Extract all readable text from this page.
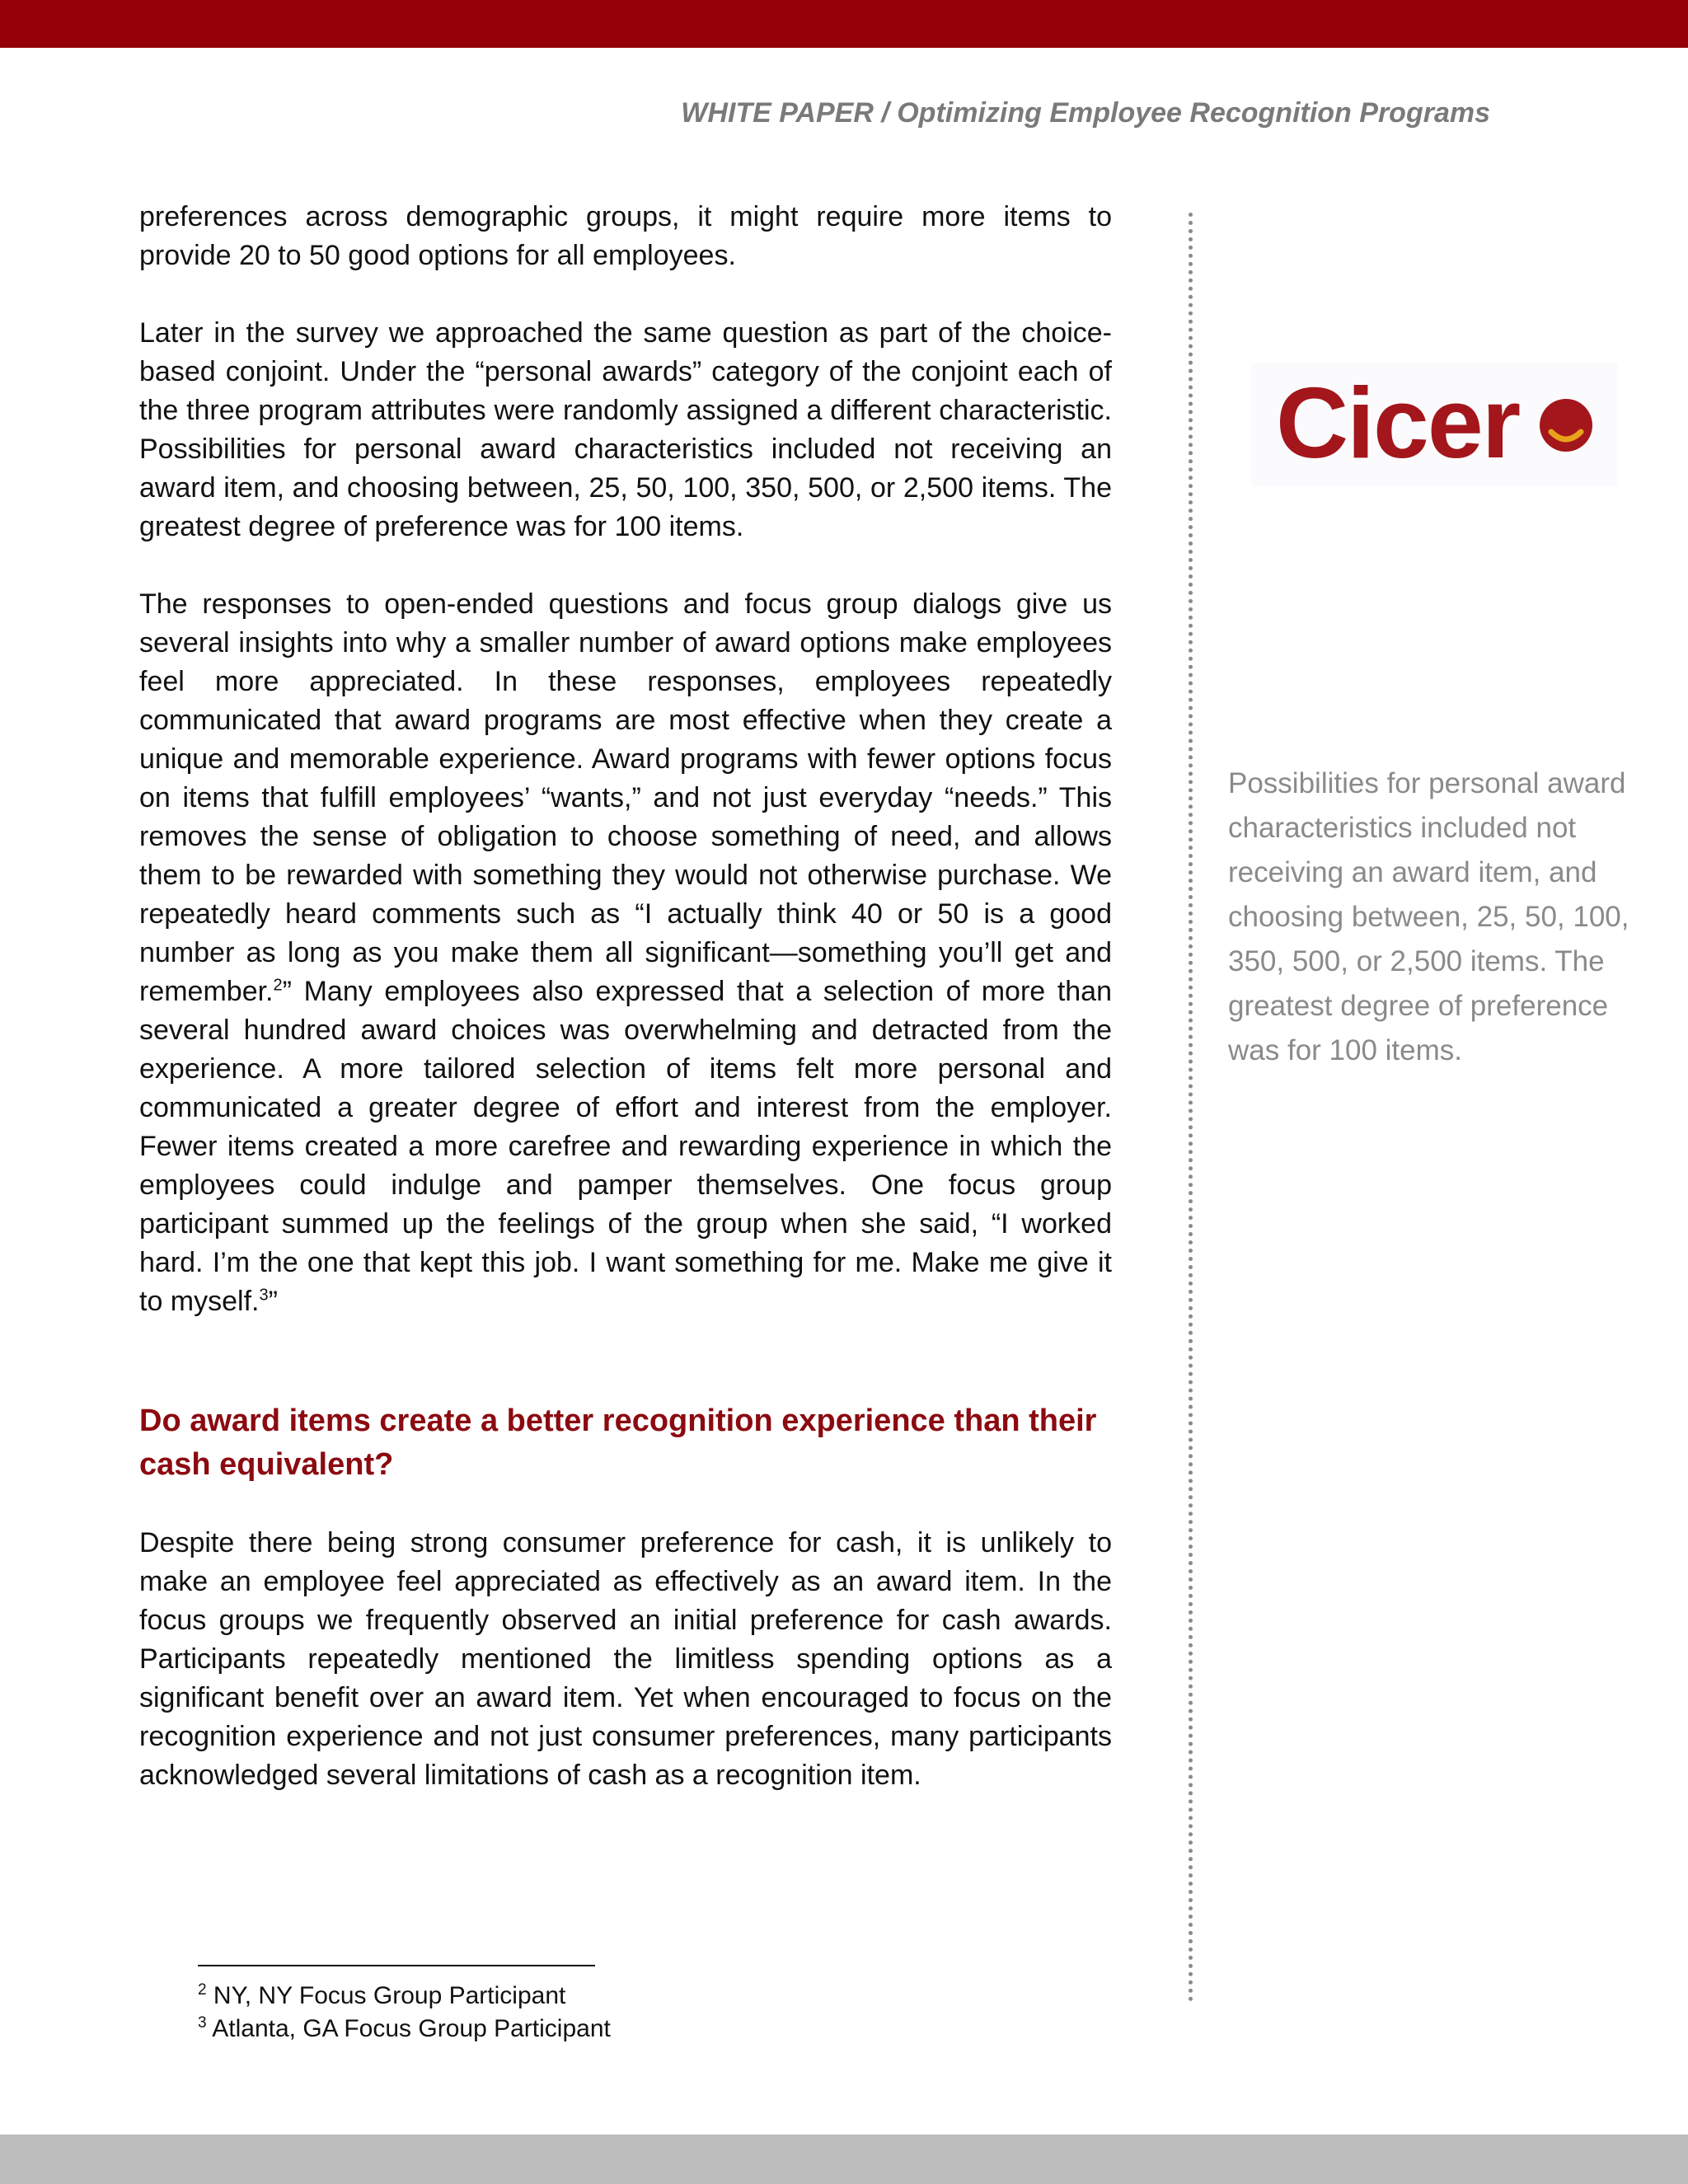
WHITE PAPER / Optimizing Employee Recognition Programs

preferences across demographic groups, it might require more items to provide 20 to 50 good options for all employees.

Later in the survey we approached the same question as part of the choice-based conjoint. Under the “personal awards” category of the conjoint each of the three program attributes were randomly assigned a different characteristic. Possibilities for personal award characteristics included not receiving an award item, and choosing between, 25, 50, 100, 350, 500, or 2,500 items. The greatest degree of preference was for 100 items.

The responses to open-ended questions and focus group dialogs give us several insights into why a smaller number of award options make employees feel more appreciated. In these responses, employees repeatedly communicated that award programs are most effective when they create a unique and memorable experience. Award programs with fewer options focus on items that fulfill employees’ “wants,” and not just everyday “needs.” This removes the sense of obligation to choose something of need, and allows them to be rewarded with something they would not otherwise purchase. We repeatedly heard comments such as “I actually think 40 or 50 is a good number as long as you make them all significant—something you’ll get and remember.$^2$” Many employees also expressed that a selection of more than several hundred award choices was overwhelming and detracted from the experience. A more tailored selection of items felt more personal and communicated a greater degree of effort and interest from the employer. Fewer items created a more carefree and rewarding experience in which the employees could indulge and pamper themselves. One focus group participant summed up the feelings of the group when she said, “I worked hard. I’m the one that kept this job. I want something for me. Make me give it to myself.$^3$”

Do award items create a better recognition experience than their cash equivalent?

Despite there being strong consumer preference for cash, it is unlikely to make an employee feel appreciated as effectively as an award item. In the focus groups we frequently observed an initial preference for cash awards. Participants repeatedly mentioned the limitless spending options as a significant benefit over an award item. Yet when encouraged to focus on the recognition experience and not just consumer preferences, many participants acknowledged several limitations of cash as a recognition item.

Cicer
Possibilities for personal award characteristics included not receiving an award item, and choosing between, 25, 50, 100, 350, 500, or 2,500 items. The greatest degree of preference was for 100 items.
$^2$ NY, NY Focus Group Participant
$^3$ Atlanta, GA Focus Group Participant
